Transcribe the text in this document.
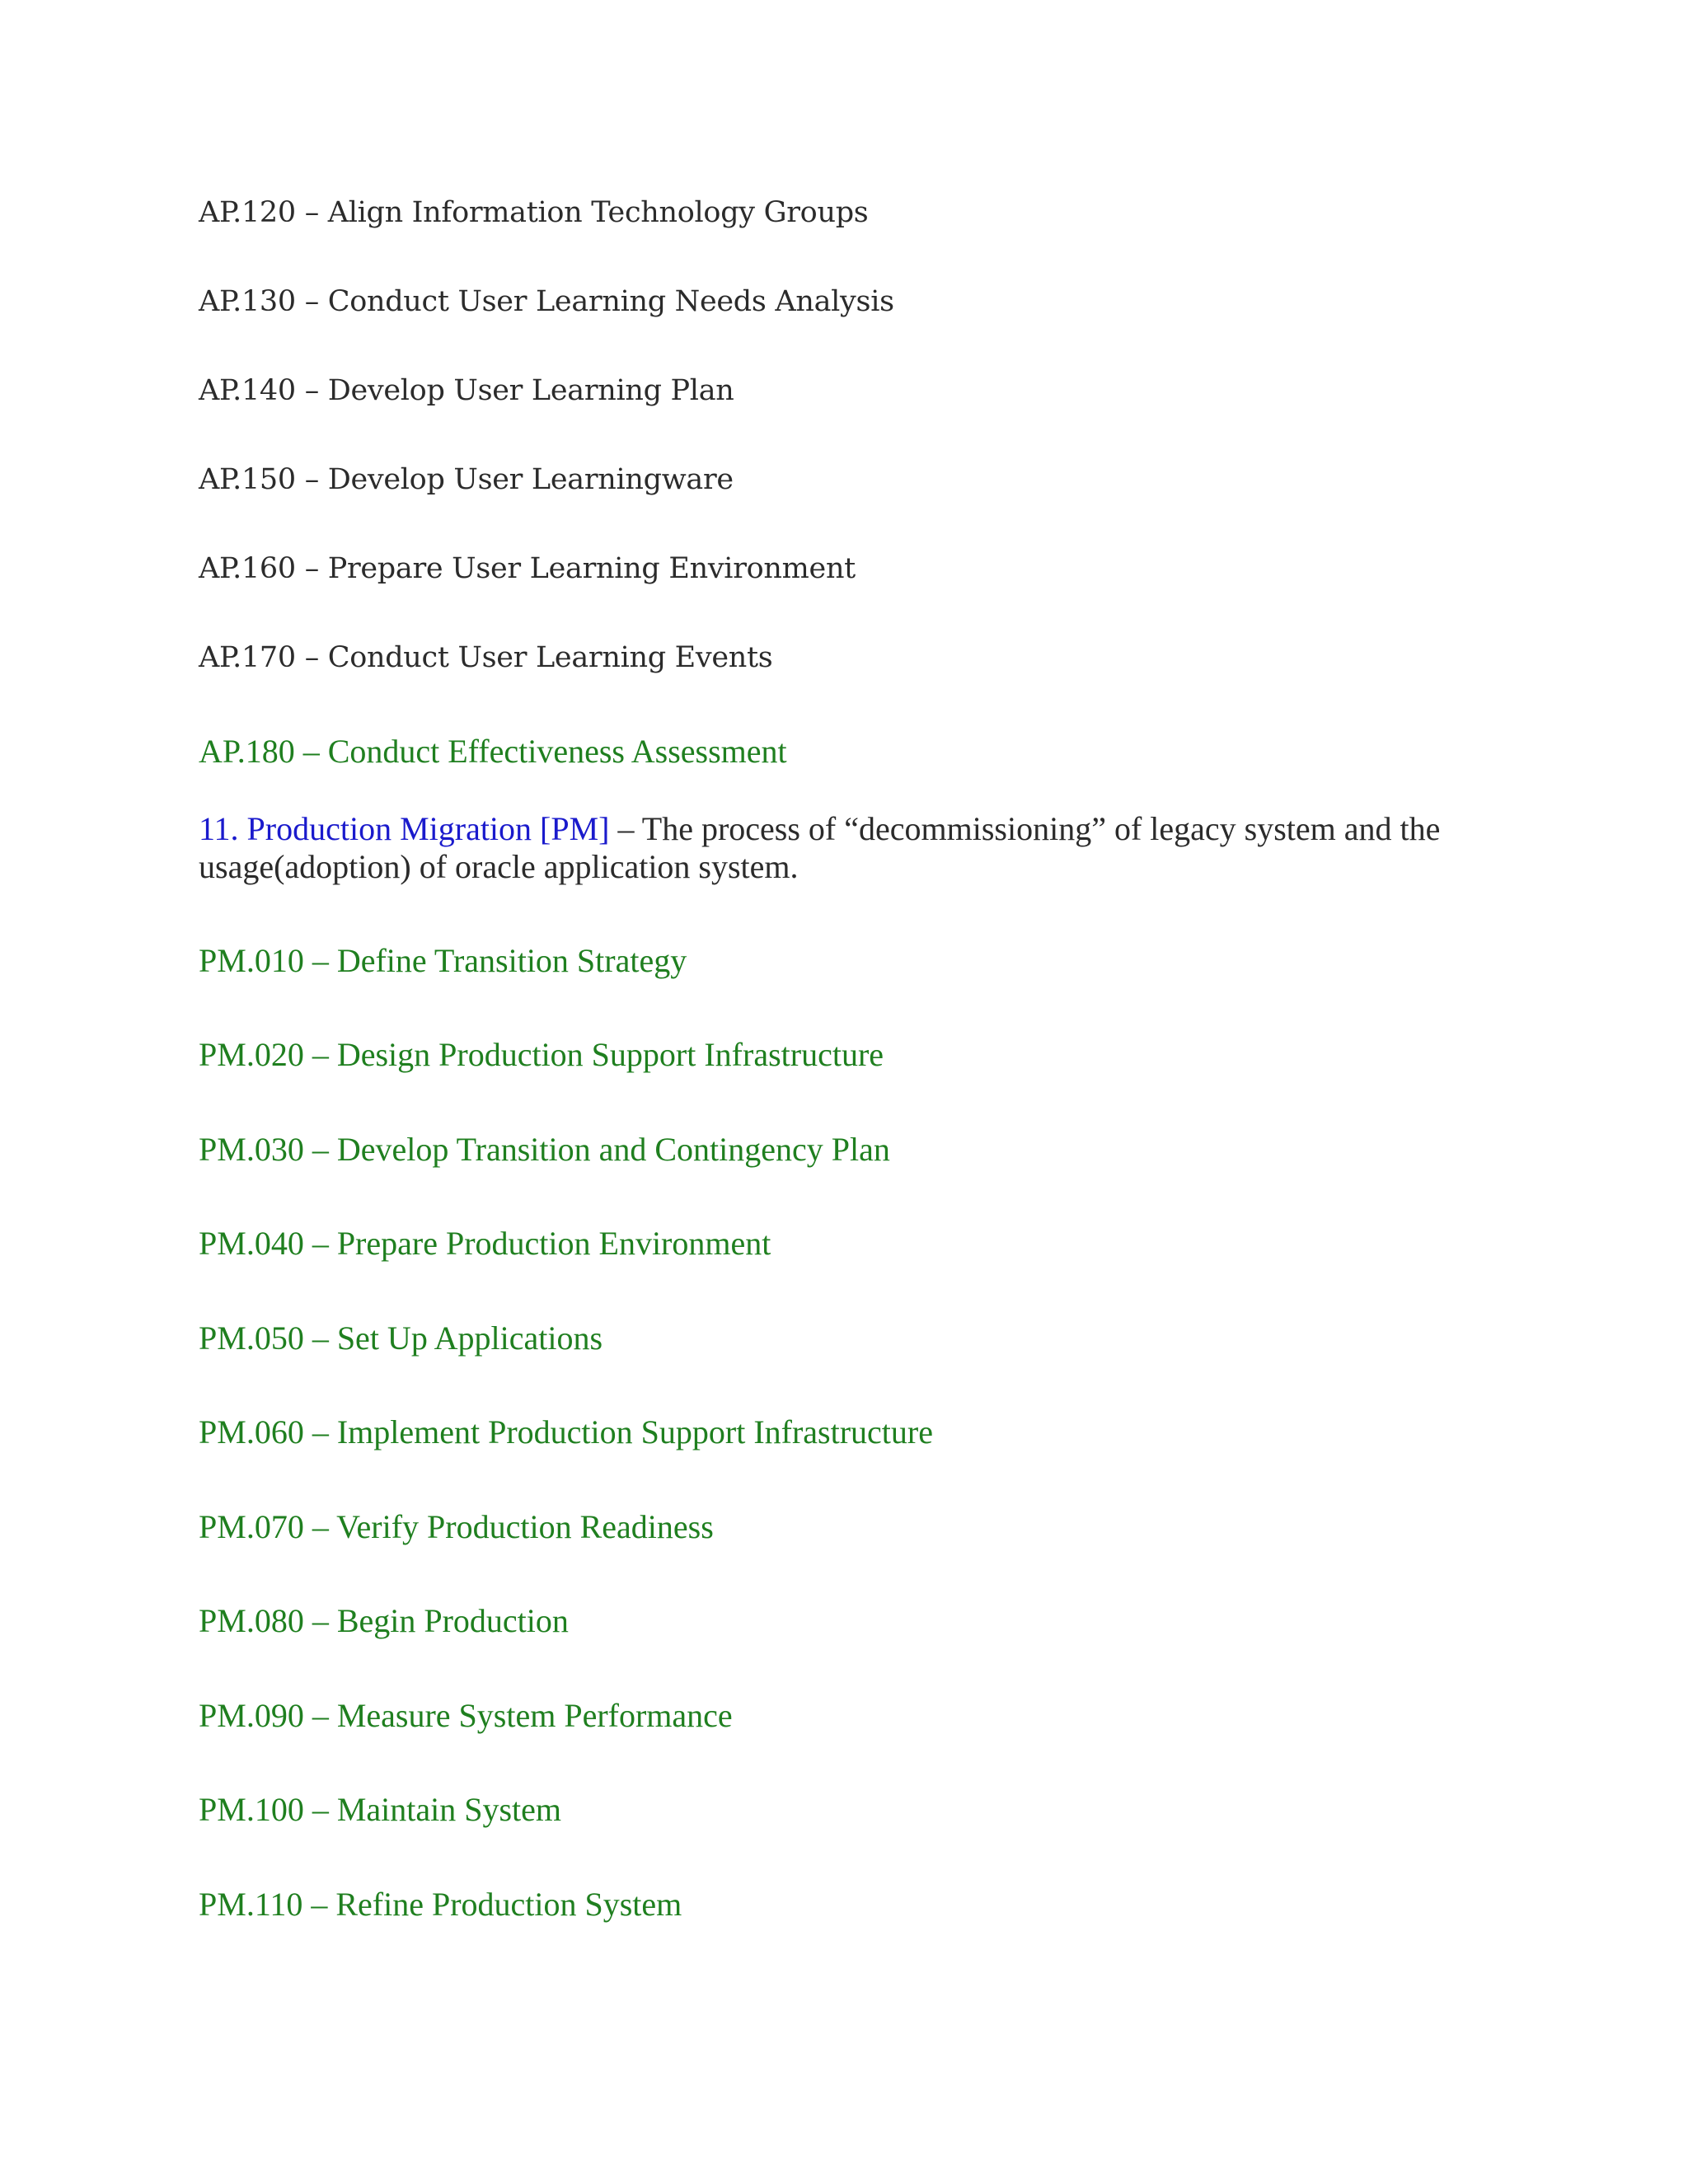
AP.120 – Align Information Technology Groups
AP.130 – Conduct User Learning Needs Analysis
AP.140 – Develop User Learning Plan
AP.150 – Develop User Learningware
AP.160 – Prepare User Learning Environment
AP.170 – Conduct User Learning Events
AP.180 – Conduct Effectiveness Assessment
11. Production Migration [PM] – The process of “decommissioning” of legacy system and the usage(adoption) of oracle application system.
PM.010 – Define Transition Strategy
PM.020 – Design Production Support Infrastructure
PM.030 – Develop Transition and Contingency Plan
PM.040 – Prepare Production Environment
PM.050 – Set Up Applications
PM.060 – Implement Production Support Infrastructure
PM.070 – Verify Production Readiness
PM.080 – Begin Production
PM.090 – Measure System Performance
PM.100 – Maintain System
PM.110 – Refine Production System
